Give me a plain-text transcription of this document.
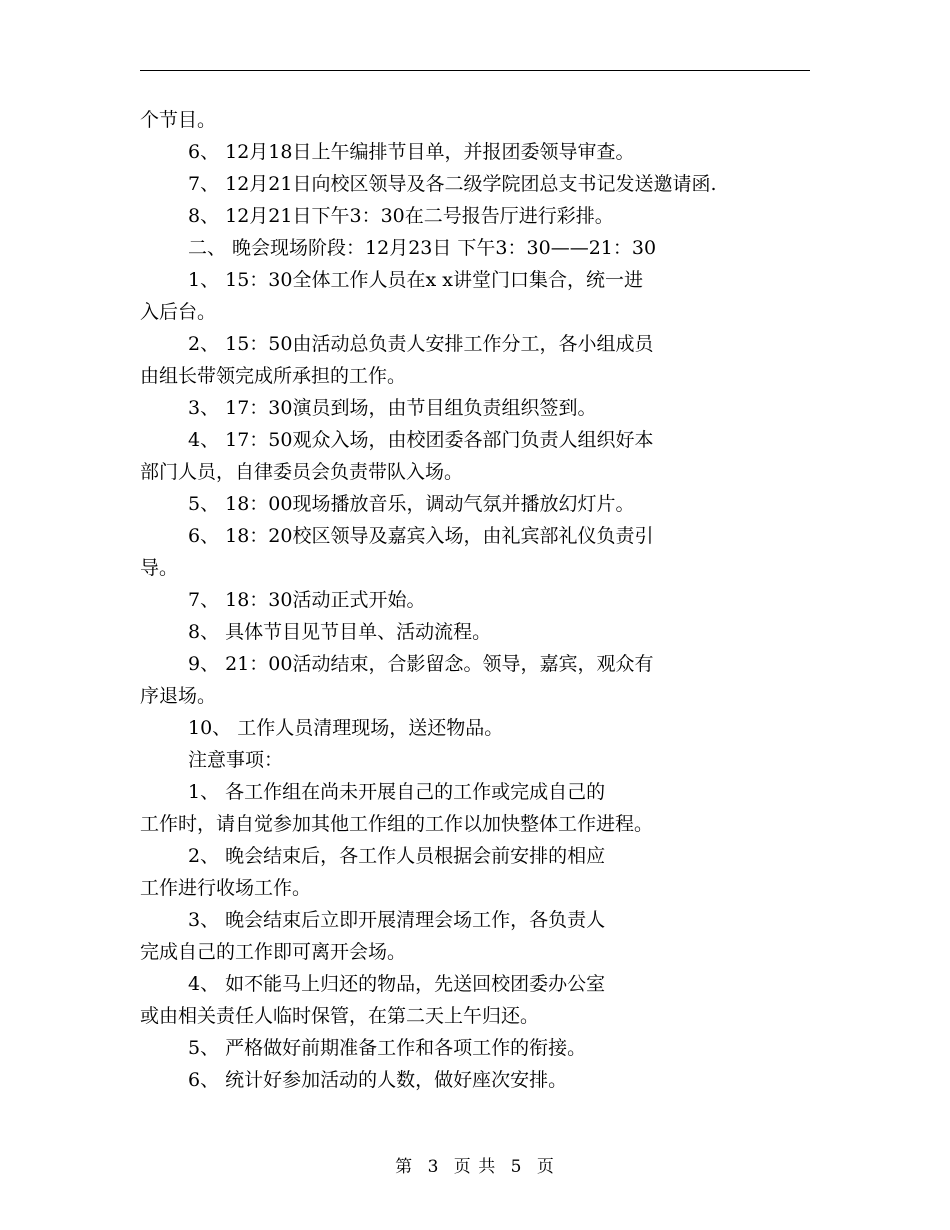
个节目。
6、 12月18日上午编排节目单，并报团委领导审查。
7、 12月21日向校区领导及各二级学院团总支书记发送邀请函.
8、 12月21日下午3：30在二号报告厅进行彩排。
二、 晚会现场阶段：12月23日 下午3：30——21：30
1、 15：30全体工作人员在x x讲堂门口集合，统一进
入后台。
2、 15：50由活动总负责人安排工作分工，各小组成员
由组长带领完成所承担的工作。
3、 17：30演员到场，由节目组负责组织签到。
4、 17：50观众入场，由校团委各部门负责人组织好本
部门人员，自律委员会负责带队入场。
5、 18：00现场播放音乐，调动气氛并播放幻灯片。
6、 18：20校区领导及嘉宾入场，由礼宾部礼仪负责引
导。
7、 18：30活动正式开始。
8、 具体节目见节目单、活动流程。
9、 21：00活动结束，合影留念。领导，嘉宾，观众有
序退场。
10、 工作人员清理现场，送还物品。
注意事项：
1、 各工作组在尚未开展自己的工作或完成自己的
工作时，请自觉参加其他工作组的工作以加快整体工作进程。
2、 晚会结束后，各工作人员根据会前安排的相应
工作进行收场工作。
3、 晚会结束后立即开展清理会场工作，各负责人
完成自己的工作即可离开会场。
4、 如不能马上归还的物品，先送回校团委办公室
或由相关责任人临时保管，在第二天上午归还。
5、 严格做好前期准备工作和各项工作的衔接。
6、 统计好参加活动的人数，做好座次安排。
第 3 页 共 5 页
